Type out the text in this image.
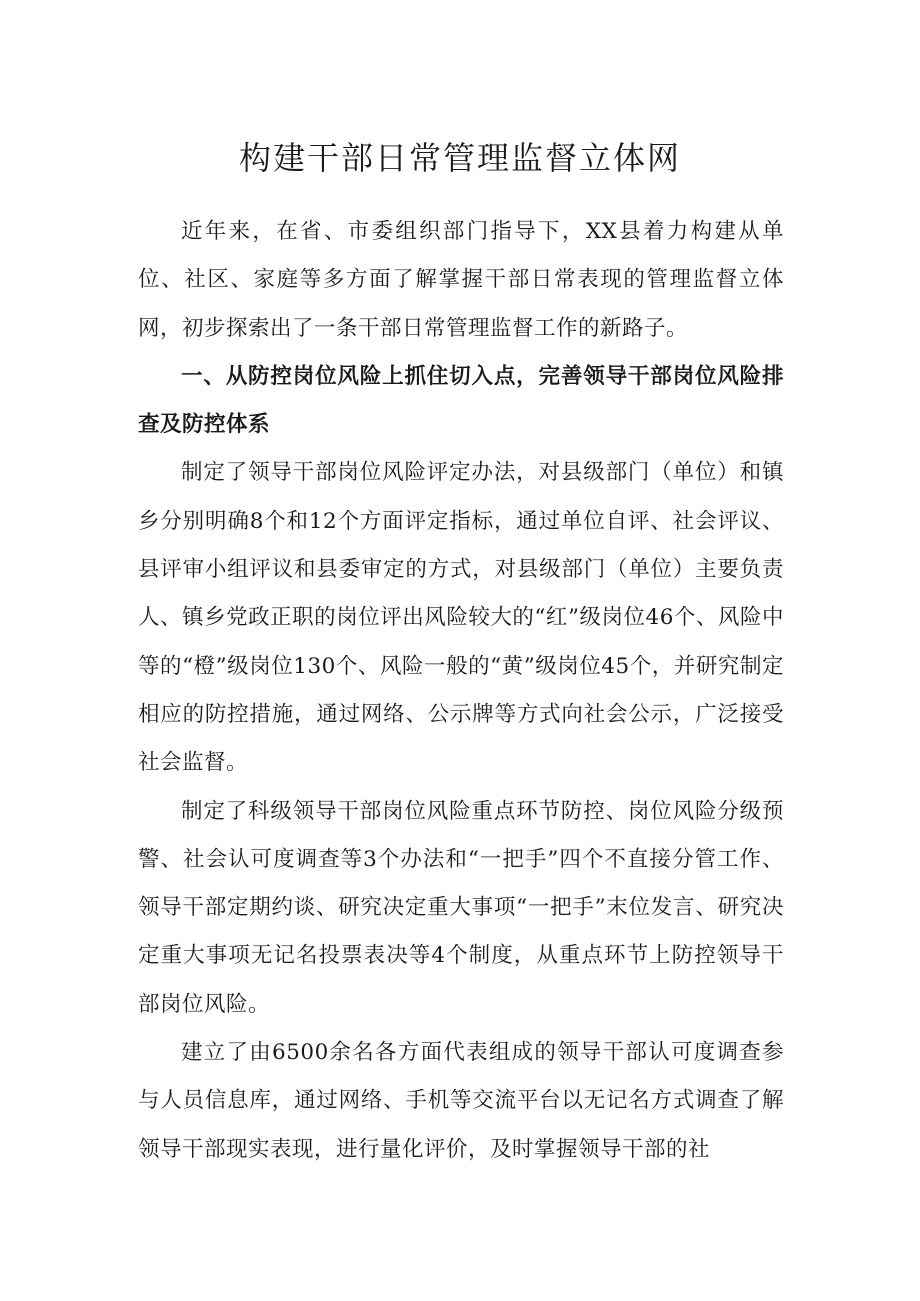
构建干部日常管理监督立体网

近年来，在省、市委组织部门指导下，XX县着力构建从单位、社区、家庭等多方面了解掌握干部日常表现的管理监督立体网，初步探索出了一条干部日常管理监督工作的新路子。

一、从防控岗位风险上抓住切入点，完善领导干部岗位风险排查及防控体系

制定了领导干部岗位风险评定办法，对县级部门（单位）和镇乡分别明确8个和12个方面评定指标，通过单位自评、社会评议、县评审小组评议和县委审定的方式，对县级部门（单位）主要负责人、镇乡党政正职的岗位评出风险较大的“红”级岗位46个、风险中等的“橙”级岗位130个、风险一般的“黄”级岗位45个，并研究制定相应的防控措施，通过网络、公示牌等方式向社会公示，广泛接受社会监督。

制定了科级领导干部岗位风险重点环节防控、岗位风险分级预警、社会认可度调查等3个办法和“一把手”四个不直接分管工作、领导干部定期约谈、研究决定重大事项“一把手”末位发言、研究决定重大事项无记名投票表决等4个制度，从重点环节上防控领导干部岗位风险。

建立了由6500余名各方面代表组成的领导干部认可度调查参与人员信息库，通过网络、手机等交流平台以无记名方式调查了解领导干部现实表现，进行量化评价，及时掌握领导干部的社
